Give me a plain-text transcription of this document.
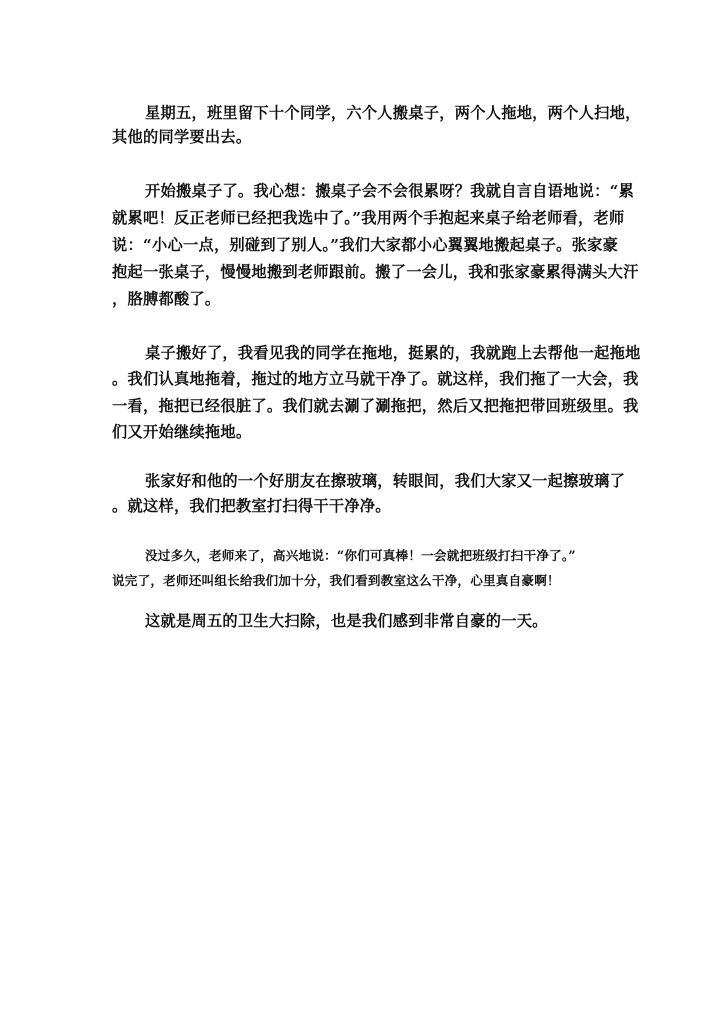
星期五，班里留下十个同学，六个人搬桌子，两个人拖地，两个人扫地，
其他的同学要出去。
开始搬桌子了。我心想：搬桌子会不会很累呀？我就自言自语地说：“累
就累吧！反正老师已经把我选中了。”我用两个手抱起来桌子给老师看，老师
说：“小心一点，别碰到了别人。”我们大家都小心翼翼地搬起桌子。张家豪
抱起一张桌子，慢慢地搬到老师跟前。搬了一会儿，我和张家豪累得满头大汗
，胳膊都酸了。
桌子搬好了，我看见我的同学在拖地，挺累的，我就跑上去帮他一起拖地
。我们认真地拖着，拖过的地方立马就干净了。就这样，我们拖了一大会，我
一看，拖把已经很脏了。我们就去涮了涮拖把，然后又把拖把带回班级里。我
们又开始继续拖地。
张家好和他的一个好朋友在擦玻璃，转眼间，我们大家又一起擦玻璃了
。就这样，我们把教室打扫得干干净净。
没过多久，老师来了，高兴地说：“你们可真棒！一会就把班级打扫干净了。”
说完了，老师还叫组长给我们加十分，我们看到教室这么干净，心里真自豪啊！
这就是周五的卫生大扫除，也是我们感到非常自豪的一天。
